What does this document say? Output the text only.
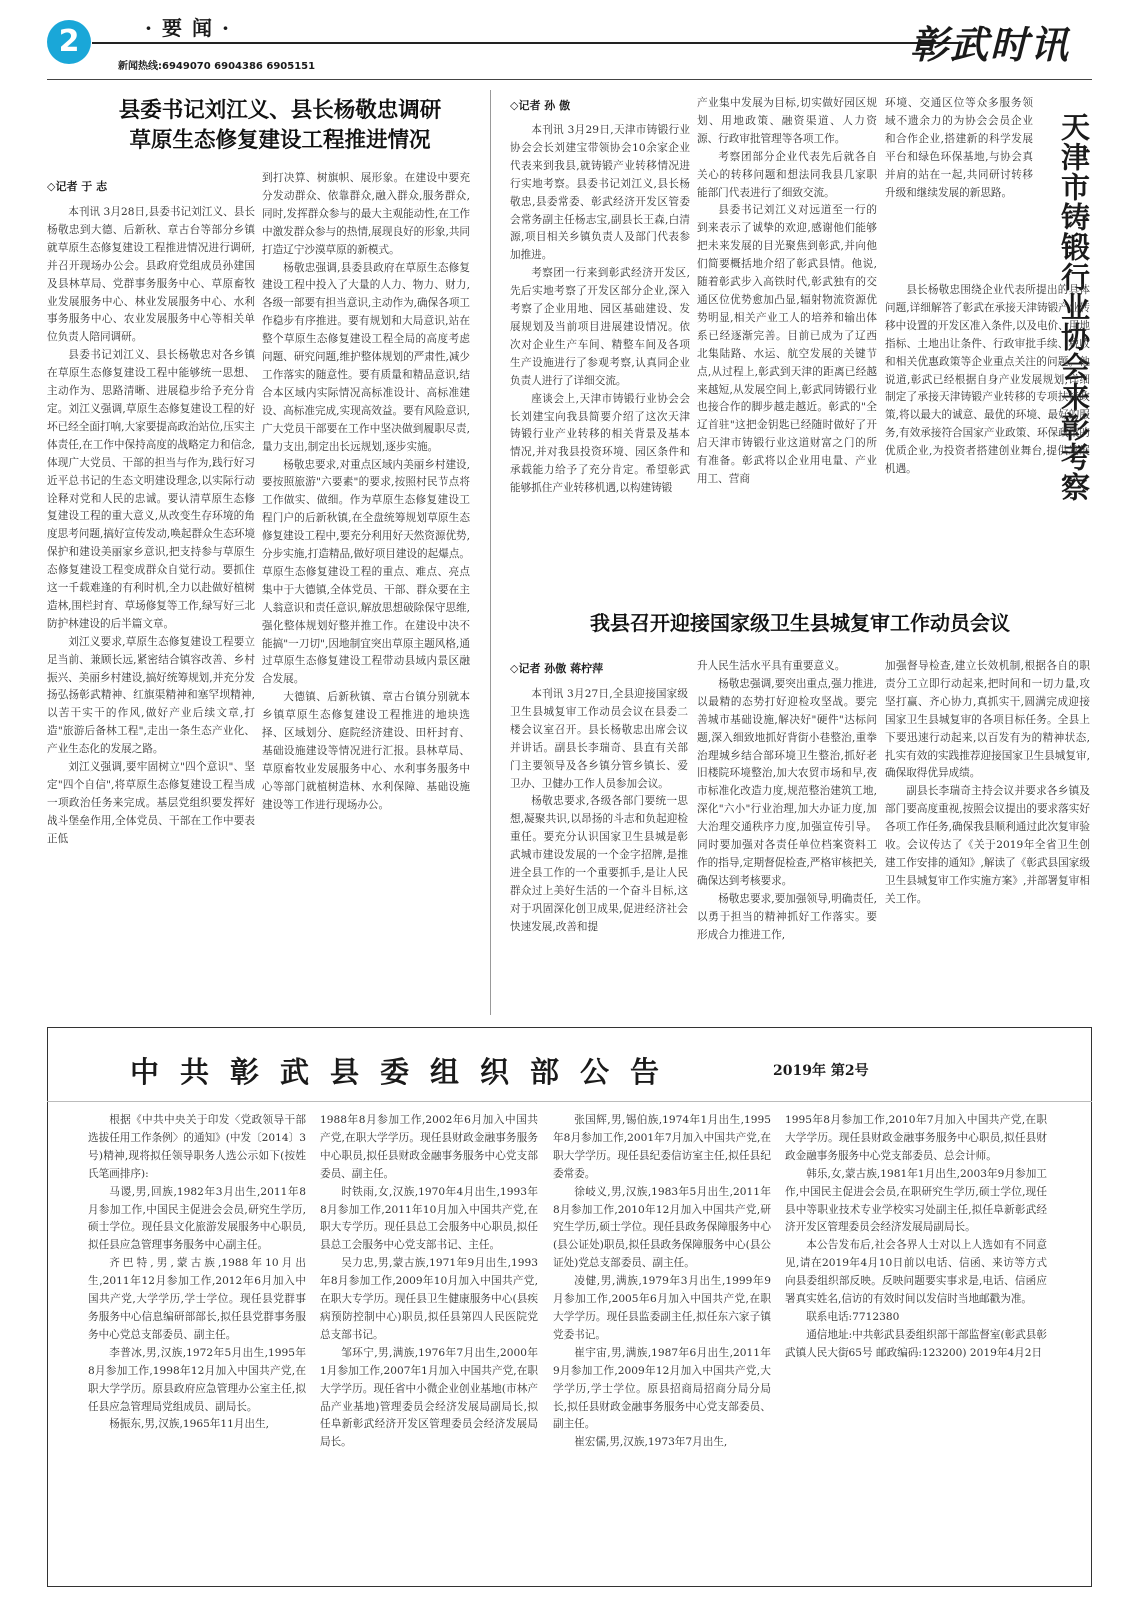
2	·要闻·
新闻热线:6949070 6904386 6905151	彰武时讯
县委书记刘江义、县长杨敬忠调研
草原生态修复建设工程推进情况
◇记者 于 志

本刊讯 3月28日,县委书记刘江义、县长杨敬忠到大德、后新秋、章古台等部分乡镇就草原生态修复建设工程推进情况进行调研,并召开现场办公会。县政府党组成员孙建国及县林草局、党群事务服务中心、草原畜牧业发展服务中心、林业发展服务中心、水利事务服务中心、农业发展服务中心等相关单位负责人陪同调研。

县委书记刘江义、县长杨敬忠对各乡镇在草原生态修复建设工程中能够统一思想、主动作为、思路清晰、进展稳步给予充分肯定。刘江义强调,草原生态修复建设工程的好坏已经全面打响,大家要提高政治站位,压实主体责任,在工作中保持高度的战略定力和信念,体现广大党员、干部的担当与作为,践行好习近平总书记的生态文明建设理念,以实际行动诠释对党和人民的忠诚。要认清草原生态修复建设工程的重大意义,从改变生存环境的角度思考问题,搞好宣传发动,唤起群众生态环境保护和建设美丽家乡意识,把支持参与草原生态修复建设工程变成群众自觉行动。要抓住这一千载难逢的有利时机,全力以赴做好植树造林,围栏封育、草场修复等工作,绿写好三北防护林建设的后半篇文章。

刘江义要求,草原生态修复建设工程要立足当前、兼顾长远,紧密结合镇容改善、乡村振兴、美丽乡村建设,搞好统筹规划,并充分发扬弘扬彰武精神、红旗渠精神和塞罕坝精神,以苦干实干的作风,做好产业后续文章,打造"旅游后备林工程",走出一条生态产业化、产业生态化的发展之路。

刘江义强调,要牢固树立"四个意识"、坚定"四个自信",将草原生态修复建设工程当成一项政治任务来完成。基层党组织要发挥好战斗堡垒作用,全体党员、干部在工作中要表正低

到打决算、树旗帜、展形象。在建设中要充分发动群众、依靠群众,融入群众,服务群众,同时,发挥群众参与的最大主观能动性,在工作中激发群众参与的热情,展现良好的形象,共同打造辽宁沙漠草原的新模式。

杨敬忠强调,县委县政府在草原生态修复建设工程中投入了大量的人力、物力、财力,各级一部要有担当意识,主动作为,确保各项工作稳步有序推进。要有规划和大局意识,站在整个草原生态修复建设工程全局的高度考虑问题、研究问题,维护整体规划的严肃性,减少工作落实的随意性。要有质量和精品意识,结合本区域内实际情况高标准设计、高标准建设、高标准完成,实现高效益。要有风险意识,广大党员干部要在工作中坚决做到履职尽责,量力支出,制定出长远规划,逐步实施。

杨敬忠要求,对重点区域内美丽乡村建设,要按照旅游"六要素"的要求,按照村民节点将工作做实、做细。作为草原生态修复建设工程门户的后新秋镇,在全盘统筹规划草原生态修复建设工程中,要充分利用好天然资源优势,分步实施,打造精品,做好项目建设的起爆点。草原生态修复建设工程的重点、难点、亮点集中于大德镇,全体党员、干部、群众要在主人翁意识和责任意识,解放思想破除保守思维,强化整体规划好整并推工作。在建设中决不能搞"一刀切",因地制宜突出草原主题风格,通过草原生态修复建设工程带动县域内景区融合发展。

大德镇、后新秋镇、章古台镇分别就本乡镇草原生态修复建设工程推进的地块选择、区域划分、庭院经济建设、田杆封育、基础设施建设等情况进行汇报。县林草局、草原畜牧业发展服务中心、水利事务服务中心等部门就植树造林、水利保障、基础设施建设等工作进行现场办公。

◇记者 孙 傲

本刊讯 3月29日,天津市铸锻行业协会会长刘建宝带领协会10余家企业代表来到我县,就铸锻产业转移情况进行实地考察。县委书记刘江义,县长杨敬忠,县委常委、彰武经济开发区管委会常务副主任杨志宝,副县长王森,白清源,项目相关乡镇负责人及部门代表参加推进。

考察团一行来到彰武经济开发区,先后实地考察了开发区部分企业,深入考察了企业用地、园区基础建设、发展规划及当前项目进展建设情况。依次对企业生产车间、精整车间及各项生产设施进行了参观考察,认真同企业负责人进行了详细交流。

座谈会上,天津市铸锻行业协会会长刘建宝向我县简要介绍了这次天津铸锻行业产业转移的相关背景及基本情况,并对我县投资环境、园区条件和承载能力给予了充分肯定。希望彰武能够抓住产业转移机遇,以构建铸锻

产业集中发展为目标,切实做好园区规划、用地政策、融资渠道、人力资源、行政审批管理等各项工作。

考察团部分企业代表先后就各自关心的转移问题和想法同我县几家职能部门代表进行了细致交流。

县委书记刘江义对远道至一行的到来表示了诚挚的欢迎,感谢他们能够把未来发展的目光聚焦到彰武,并向他们简要概括地介绍了彰武县情。他说,随着彰武步入高铁时代,彰武独有的交通区位优势愈加凸显,辐射物流资源优势明显,相关产业工人的培养和输出体系已经逐渐完善。目前已成为了辽西北集陆路、水运、航空发展的关键节点,从过程上,彰武到天津的距离已经越来越短,从发展空间上,彰武同铸锻行业也接合作的脚步越走越近。彰武的"全辽首驻"这把金钥匙已经随时做好了开启天津市铸锻行业这道财富之门的所有准备。彰武将以企业用电量、产业用工、营商

环境、交通区位等众多服务领域不遗余力的为协会会员企业和合作企业,搭建新的科学发展平台和绿色环保基地,与协会真并肩的站在一起,共同研讨转移升级和继续发展的新思路。	天津市铸锻行业协会来彰考察

县长杨敬忠围绕企业代表所提出的具体问题,详细解答了彰武在承接天津铸锻产业转移中设置的开发区准入条件,以及电价、用地指标、土地出让条件、行政审批手续、税收和相关优惠政策等企业重点关注的问题。他说道,彰武已经根据自身产业发展规划,详细制定了承接天津铸锻产业转移的专项扶持政策,将以最大的诚意、最优的环境、最好的服务,有效承接符合国家产业政策、环保政策的优质企业,为投资者搭建创业舞台,提供发展机遇。

我县召开迎接国家级卫生县城复审工作动员会议
◇记者 孙傲 蒋柠萍

本刊讯 3月27日,全县迎接国家级卫生县城复审工作动员会议在县委二楼会议室召开。县长杨敬忠出席会议并讲话。副县长李瑞奇、县直有关部门主要领导及各乡镇分管乡镇长、爱卫办、卫健办工作人员参加会议。

杨敬忠要求,各级各部门要统一思想,凝聚共识,以昂扬的斗志和负起迎检重任。要充分认识国家卫生县城是彰武城市建设发展的一个金字招牌,是推进全县工作的一个重要抓手,是让人民群众过上美好生活的一个奋斗目标,这对于巩固深化创卫成果,促进经济社会快速发展,改善和提

升人民生活水平具有重要意义。

杨敬忠强调,要突出重点,强力推进,以最精的态势打好迎检攻坚战。要完善城市基础设施,解决好"硬件"达标问题,深入细致地抓好背街小巷整治,重拳治理城乡结合部环境卫生整治,抓好老旧楼院环境整治,加大农贸市场和早,夜市标准化改造力度,规范整治建筑工地,深化"六小"行业治理,加大办证力度,加大治理交通秩序力度,加强宣传引导。同时要加强对各责任单位档案资料工作的指导,定期督促检查,严格审核把关,确保达到考核要求。

杨敬忠要求,要加强领导,明确责任,以勇于担当的精神抓好工作落实。要形成合力推进工作,

加强督导检查,建立长效机制,根据各自的职责分工立即行动起来,把时间和一切力量,攻坚打赢、齐心协力,真抓实干,圆满完成迎接国家卫生县城复审的各项目标任务。全县上下要迅速行动起来,以百发有为的精神状态,扎实有效的实践推荐迎接国家卫生县城复审,确保取得优异成绩。

副县长李瑞奇主持会议并要求各乡镇及部门要高度重视,按照会议提出的要求落实好各项工作任务,确保我县顺利通过此次复审验收。会议传达了《关于2019年全省卫生创建工作安排的通知》,解读了《彰武县国家级卫生县城复审工作实施方案》,并部署复审相关工作。

中共彰武县委组织部公告	2019年 第2号

根据《中共中央关于印发〈党政领导干部选拔任用工作条例〉的通知》(中发〔2014〕3号)精神,现将拟任领导职务人选公示如下(按姓氏笔画排序):

马谡,男,回族,1982年3月出生,2011年8月参加工作,中国民主促进会会员,研究生学历,硕士学位。现任县文化旅游发展服务中心职员,拟任县应急管理事务服务中心副主任。

齐巴特,男,蒙古族,1988年10月出生,2011年12月参加工作,2012年6月加入中国共产党,大学学历,学士学位。现任县党群事务服务中心信息编研部部长,拟任县党群事务服务中心党总支部委员、副主任。

李普冰,男,汉族,1972年5月出生,1995年8月参加工作,1998年12月加入中国共产党,在职大学学历。原县政府应急管理办公室主任,拟任县应急管理局党组成员、副局长。

杨振东,男,汉族,1965年11月出生,

1988年8月参加工作,2002年6月加入中国共产党,在职大学学历。现任县财政金融事务服务中心职员,拟任县财政金融事务服务中心党支部委员、副主任。

时铁雨,女,汉族,1970年4月出生,1993年8月参加工作,2011年10月加入中国共产党,在职大专学历。现任县总工会服务中心职员,拟任县总工会服务中心党支部书记、主任。

吴力忠,男,蒙古族,1971年9月出生,1993年8月参加工作,2009年10月加入中国共产党,在职大专学历。现任县卫生健康服务中心(县疾病预防控制中心)职员,拟任县第四人民医院党总支部书记。

邹环宁,男,满族,1976年7月出生,2000年1月参加工作,2007年1月加入中国共产党,在职大学学历。现任省中小微企业创业基地(市林产品产业基地)管理委员会经济发展局副局长,拟任阜新彰武经济开发区管理委员会经济发展局局长。

张国辉,男,锡伯族,1974年1月出生,1995年8月参加工作,2001年7月加入中国共产党,在职大学学历。现任县纪委信访室主任,拟任县纪委常委。

徐岐义,男,汉族,1983年5月出生,2011年8月参加工作,2010年12月加入中国共产党,研究生学历,硕士学位。现任县政务保障服务中心(县公证处)职员,拟任县政务保障服务中心(县公证处)党总支部委员、副主任。

凌健,男,满族,1979年3月出生,1999年9月参加工作,2005年6月加入中国共产党,在职大学学历。现任县监委副主任,拟任东六家子镇党委书记。

崔宇宙,男,满族,1987年6月出生,2011年9月参加工作,2009年12月加入中国共产党,大学学历,学士学位。原县招商局招商分局分局长,拟任县财政金融事务服务中心党支部委员、副主任。

崔宏儒,男,汉族,1973年7月出生,

1995年8月参加工作,2010年7月加入中国共产党,在职大学学历。现任县财政金融事务服务中心职员,拟任县财政金融事务服务中心党支部委员、总会计师。

韩乐,女,蒙古族,1981年1月出生,2003年9月参加工作,中国民主促进会会员,在职研究生学历,硕士学位,现任县中等职业技术专业学校实习处副主任,拟任阜新彰武经济开发区管理委员会经济发展局副局长。

本公告发布后,社会各界人士对以上人选如有不同意见,请在2019年4月10日前以电话、信函、来访等方式向县委组织部反映。反映问题要实事求是,电话、信函应署真实姓名,信访的有效时间以发信时当地邮戳为准。

联系电话:7712380

通信地址:中共彰武县委组织部干部监督室(彰武县彰武镇人民大街65号 邮政编码:123200) 2019年4月2日
